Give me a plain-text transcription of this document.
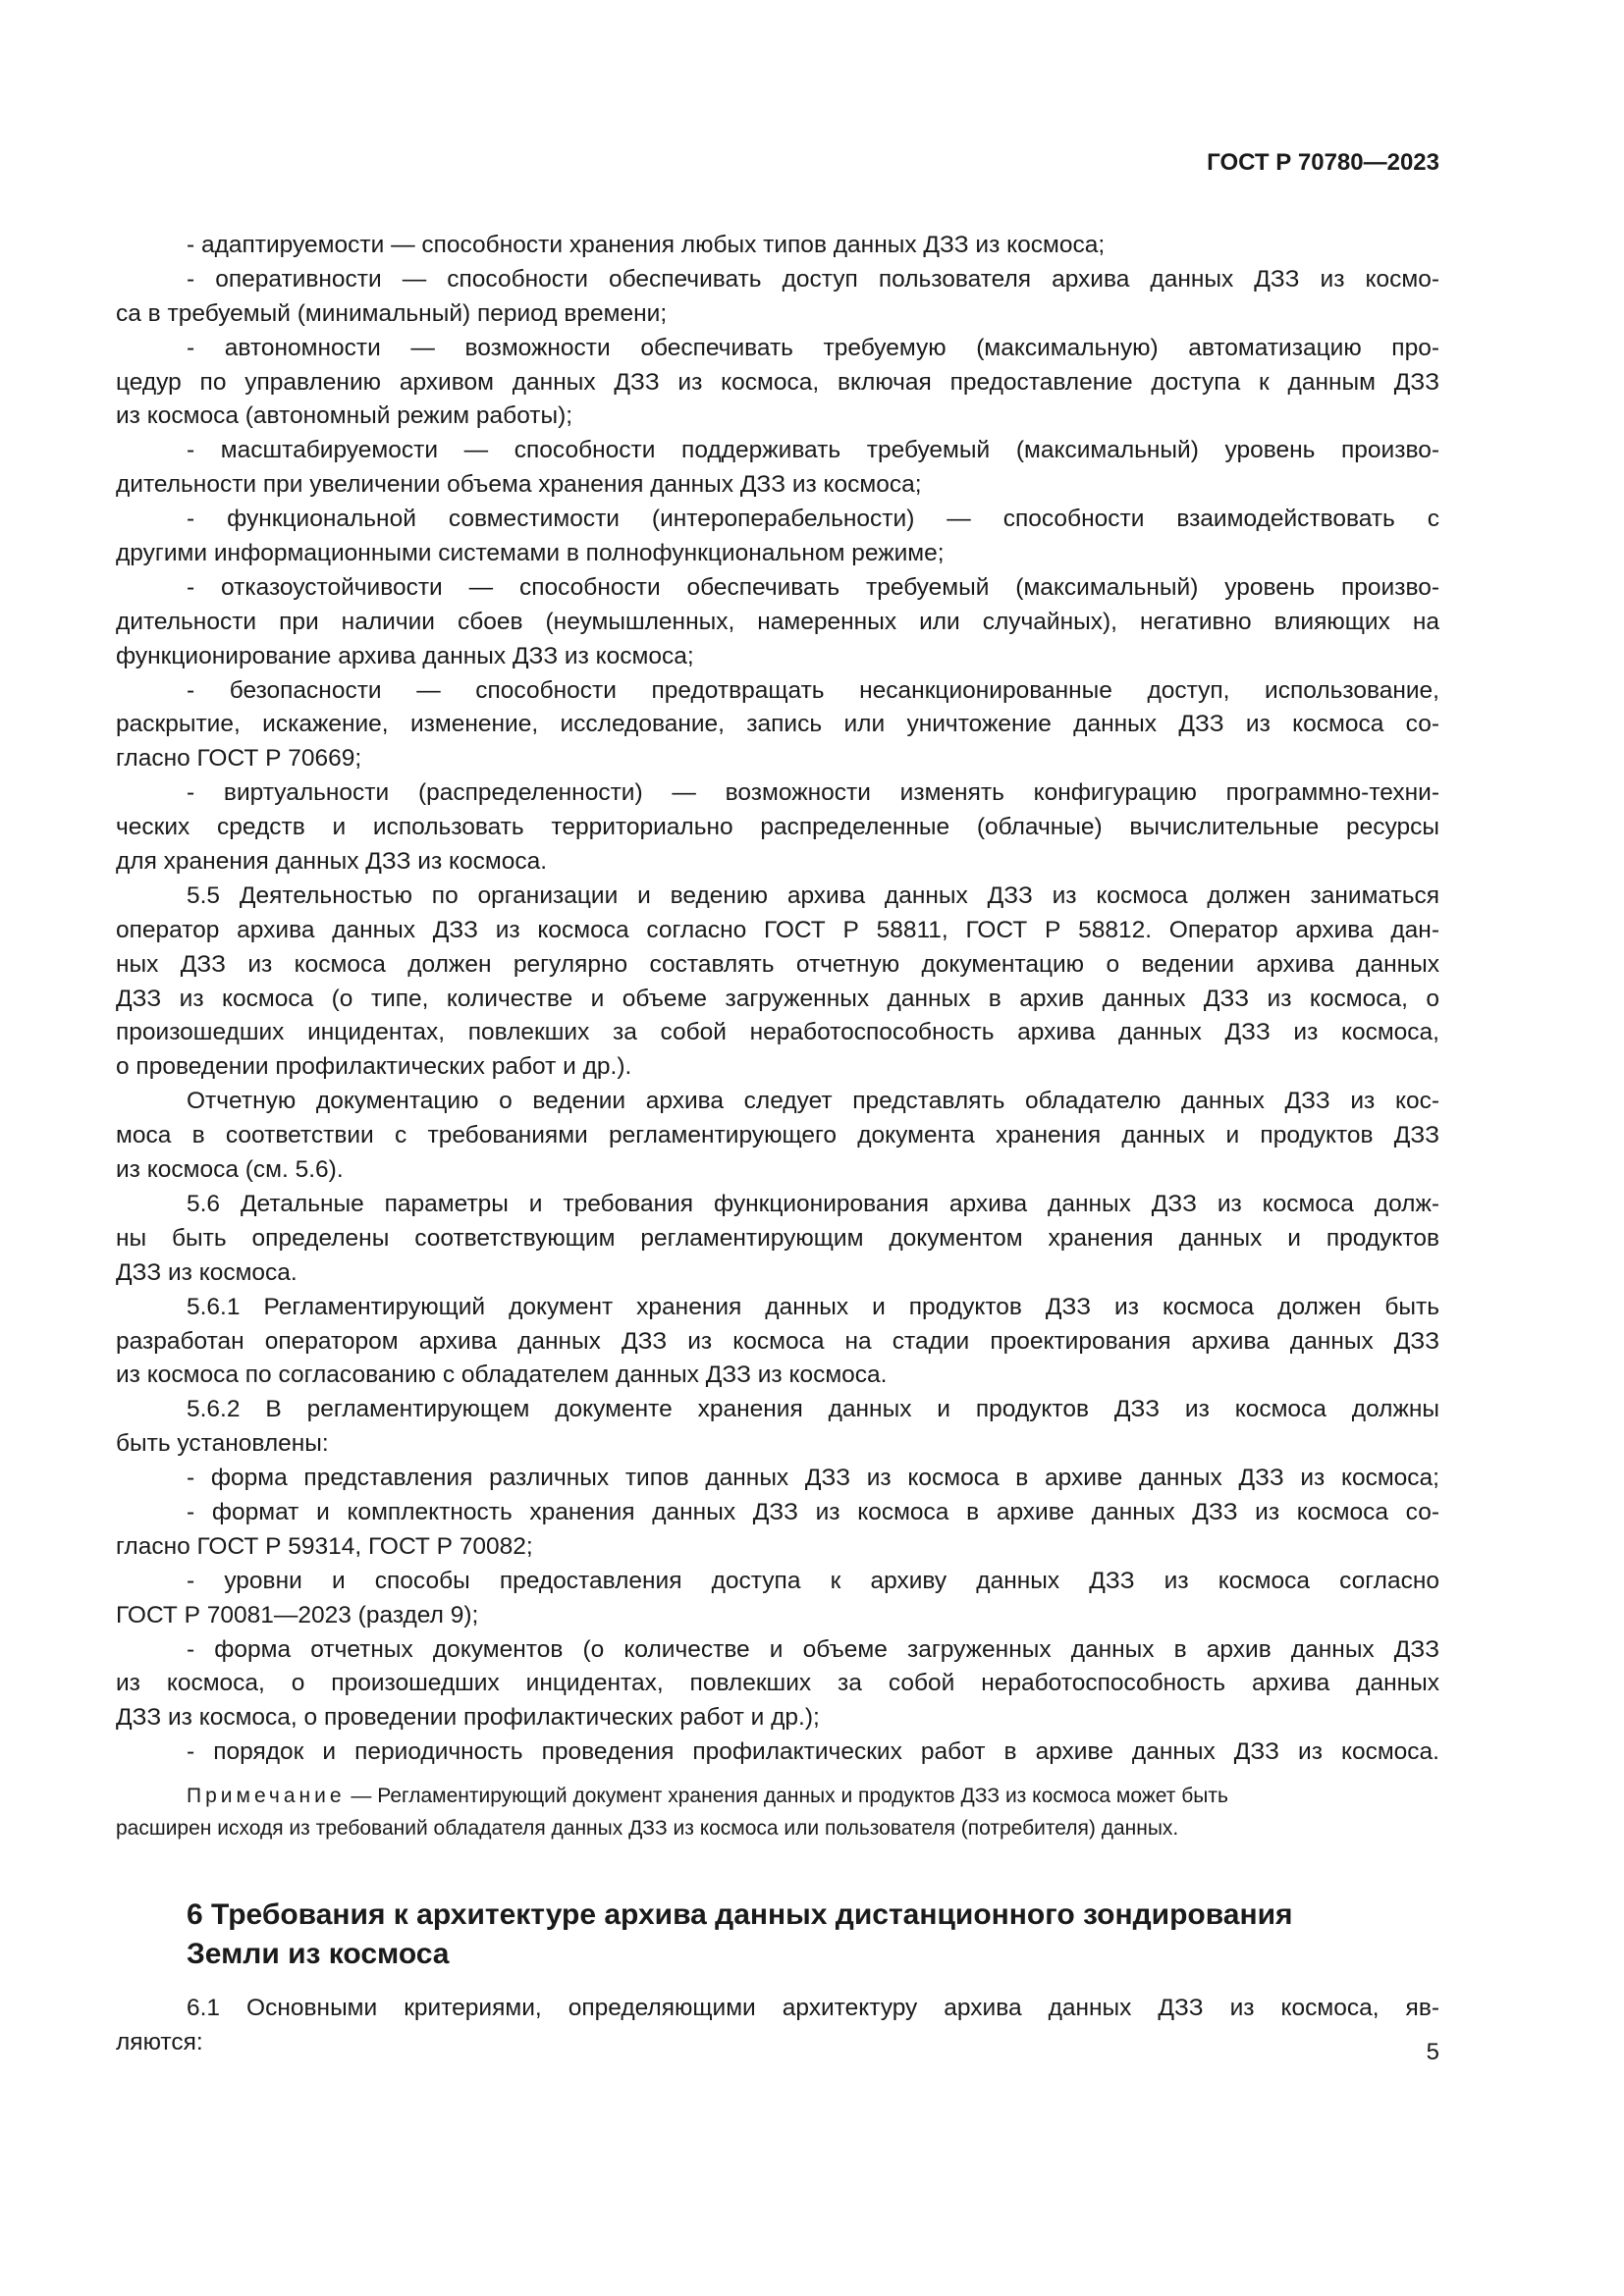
ГОСТ Р 70780—2023
- адаптируемости — способности хранения любых типов данных ДЗЗ из космоса;
- оперативности — способности обеспечивать доступ пользователя архива данных ДЗЗ из космо-
са в требуемый (минимальный) период времени;
- автономности — возможности обеспечивать требуемую (максимальную) автоматизацию про-
цедур по управлению архивом данных ДЗЗ из космоса, включая предоставление доступа к данным ДЗЗ
из космоса (автономный режим работы);
- масштабируемости — способности поддерживать требуемый (максимальный) уровень произво-
дительности при увеличении объема хранения данных ДЗЗ из космоса;
- функциональной совместимости (интероперабельности) — способности взаимодействовать с
другими информационными системами в полнофункциональном режиме;
- отказоустойчивости — способности обеспечивать требуемый (максимальный) уровень произво-
дительности при наличии сбоев (неумышленных, намеренных или случайных), негативно влияющих на
функционирование архива данных ДЗЗ из космоса;
- безопасности — способности предотвращать несанкционированные доступ, использование,
раскрытие, искажение, изменение, исследование, запись или уничтожение данных ДЗЗ из космоса со-
гласно ГОСТ Р 70669;
- виртуальности (распределенности) — возможности изменять конфигурацию программно-техни-
ческих средств и использовать территориально распределенные (облачные) вычислительные ресурсы
для хранения данных ДЗЗ из космоса.
5.5 Деятельностью по организации и ведению архива данных ДЗЗ из космоса должен заниматься
оператор архива данных ДЗЗ из космоса согласно ГОСТ Р 58811, ГОСТ Р 58812. Оператор архива дан-
ных ДЗЗ из космоса должен регулярно составлять отчетную документацию о ведении архива данных
ДЗЗ из космоса (о типе, количестве и объеме загруженных данных в архив данных ДЗЗ из космоса, о
произошедших инцидентах, повлекших за собой неработоспособность архива данных ДЗЗ из космоса,
о проведении профилактических работ и др.).
Отчетную документацию о ведении архива следует представлять обладателю данных ДЗЗ из кос-
моса в соответствии с требованиями регламентирующего документа хранения данных и продуктов ДЗЗ
из космоса (см. 5.6).
5.6 Детальные параметры и требования функционирования архива данных ДЗЗ из космоса долж-
ны быть определены соответствующим регламентирующим документом хранения данных и продуктов
ДЗЗ из космоса.
5.6.1 Регламентирующий документ хранения данных и продуктов ДЗЗ из космоса должен быть
разработан оператором архива данных ДЗЗ из космоса на стадии проектирования архива данных ДЗЗ
из космоса по согласованию с обладателем данных ДЗЗ из космоса.
5.6.2 В регламентирующем документе хранения данных и продуктов ДЗЗ из космоса должны
быть установлены:
- форма представления различных типов данных ДЗЗ из космоса в архиве данных ДЗЗ из космоса;
- формат и комплектность хранения данных ДЗЗ из космоса в архиве данных ДЗЗ из космоса со-
гласно ГОСТ Р 59314, ГОСТ Р 70082;
- уровни и способы предоставления доступа к архиву данных ДЗЗ из космоса согласно
ГОСТ Р 70081—2023 (раздел 9);
- форма отчетных документов (о количестве и объеме загруженных данных в архив данных ДЗЗ
из космоса, о произошедших инцидентах, повлекших за собой неработоспособность архива данных
ДЗЗ из космоса, о проведении профилактических работ и др.);
- порядок и периодичность проведения профилактических работ в архиве данных ДЗЗ из космоса.
Примечание — Регламентирующий документ хранения данных и продуктов ДЗЗ из космоса может быть
расширен исходя из требований обладателя данных ДЗЗ из космоса или пользователя (потребителя) данных.
6 Требования к архитектуре архива данных дистанционного зондирования
Земли из космоса
6.1 Основными критериями, определяющими архитектуру архива данных ДЗЗ из космоса, яв-
ляются:	5
